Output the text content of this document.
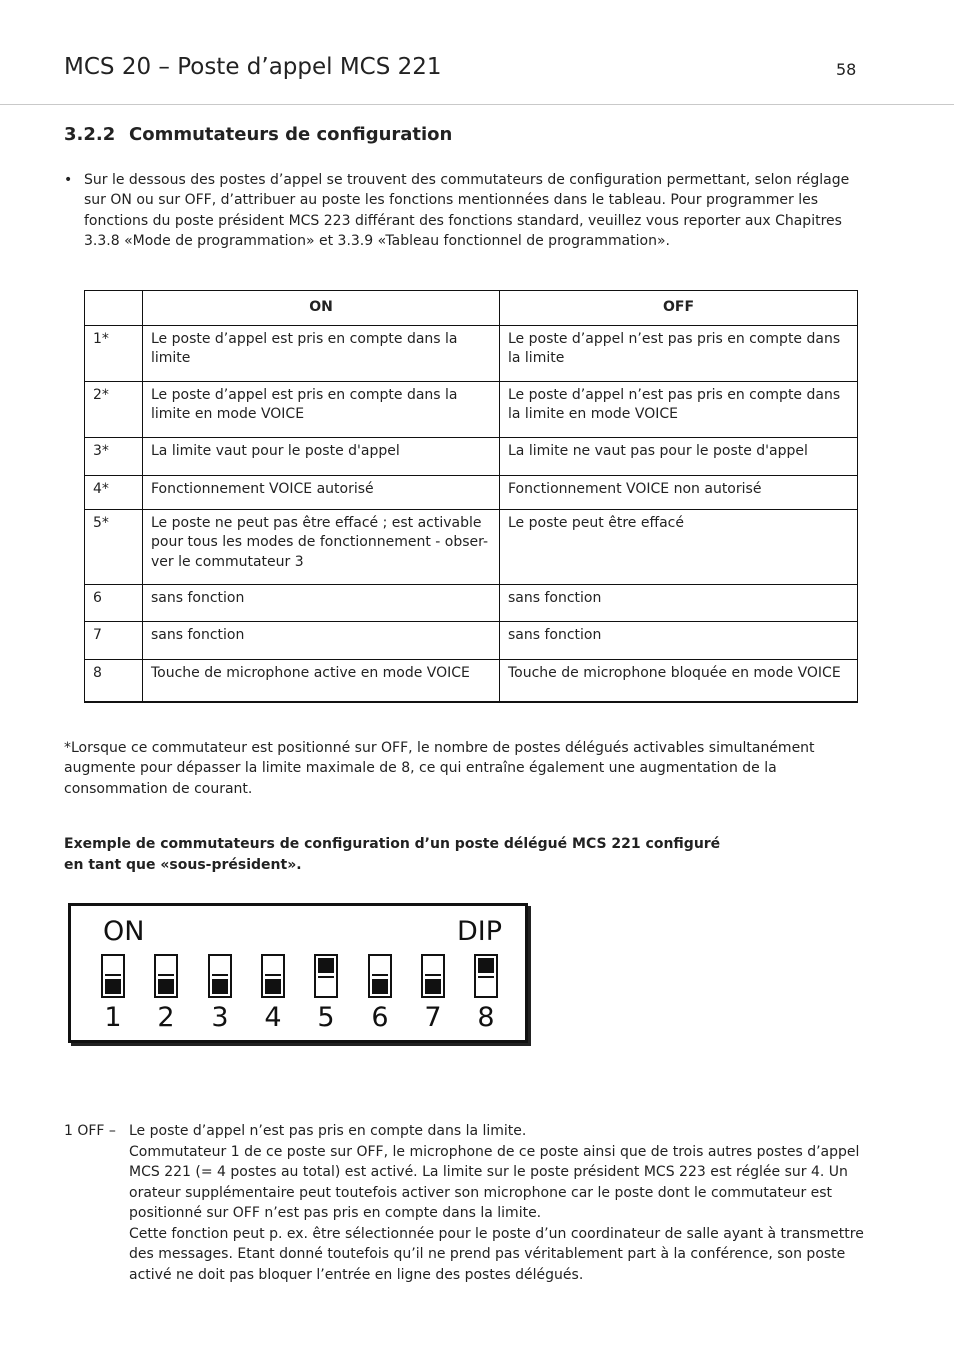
MCS 20 – Poste d’appel MCS 221	58
3.2.2 Commutateurs de configuration
• Sur le dessous des postes d’appel se trouvent des commutateurs de configuration permettant, selon réglage sur ON ou sur OFF, d’attribuer au poste les fonctions mentionnées dans le tableau. Pour programmer les fonctions du poste président MCS 223 différant des fonctions standard, veuillez vous reporter aux Chapitres 3.3.8 «Mode de programmation» et 3.3.9 «Tableau fonctionnel de programmation».
	ON	OFF
1*	Le poste d’appel est pris en compte dans la limite	Le poste d’appel n’est pas pris en compte dans la limite
2*	Le poste d’appel est pris en compte dans la limite en mode VOICE	Le poste d’appel n’est pas pris en compte dans la limite en mode VOICE
3*	La limite vaut pour le poste d'appel	La limite ne vaut pas pour le poste d'appel
4*	Fonctionnement VOICE autorisé	Fonctionnement VOICE non autorisé
5*	Le poste ne peut pas être effacé ; est activable pour tous les modes de fonctionnement - obser-ver le commutateur 3	Le poste peut être effacé
6	sans fonction	sans fonction
7	sans fonction	sans fonction
8	Touche de microphone active en mode VOICE	Touche de microphone bloquée en mode VOICE
*Lorsque ce commutateur est positionné sur OFF, le nombre de postes délégués activables simultanément augmente pour dépasser la limite maximale de 8, ce qui entraîne également une augmentation de la consommation de courant.
Exemple de commutateurs de configuration d’un poste délégué MCS 221 configuré
en tant que «sous-président».
ON	DIP
1 2 3 4 5 6 7 8
1 OFF – Le poste d’appel n’est pas pris en compte dans la limite.
Commutateur 1 de ce poste sur OFF, le microphone de ce poste ainsi que de trois autres postes d’appel MCS 221 (= 4 postes au total) est activé. La limite sur le poste président MCS 223 est réglée sur 4. Un orateur supplémentaire peut toutefois activer son microphone car le poste dont le commutateur est positionné sur OFF n’est pas pris en compte dans la limite.
Cette fonction peut p. ex. être sélectionnée pour le poste d’un coordinateur de salle ayant à transmettre des messages. Etant donné toutefois qu’il ne prend pas véritablement part à la conférence, son poste activé ne doit pas bloquer l’entrée en ligne des postes délégués.
